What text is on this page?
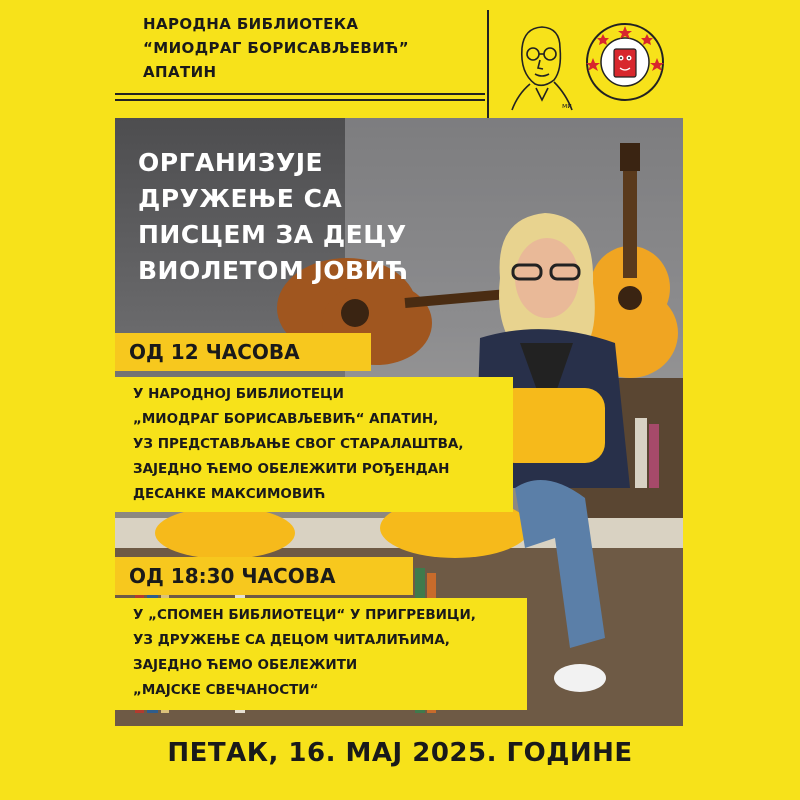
НАРОДНА БИБЛИОТЕКА
“МИОДРАГ БОРИСАВЉЕВИЋ”
АПАТИН
ми
ОРГАНИЗУЈЕ
ДРУЖЕЊЕ СА
ПИСЦЕМ ЗА ДЕЦУ
ВИОЛЕТОМ ЈОВИЋ
ОД 12 ЧАСОВА
У НАРОДНОЈ БИБЛИОТЕЦИ
„МИОДРАГ БОРИСАВЉЕВИЋ“ АПАТИН,
УЗ ПРЕДСТАВЉАЊЕ СВОГ СТАРАЛАШТВА,
ЗАЈЕДНО ЋЕМО ОБЕЛЕЖИТИ РОЂЕНДАН
ДЕСАНКЕ МАКСИМОВИЋ
ОД 18:30 ЧАСОВА
У „СПОМЕН БИБЛИОТЕЦИ“ У ПРИГРЕВИЦИ,
УЗ ДРУЖЕЊЕ СА ДЕЦОМ ЧИТАЛИЋИМА,
ЗАЈЕДНО ЋЕМО ОБЕЛЕЖИТИ
„МАЈСКЕ СВЕЧАНОСТИ“
ПЕТАК, 16. МАЈ 2025. ГОДИНЕ
